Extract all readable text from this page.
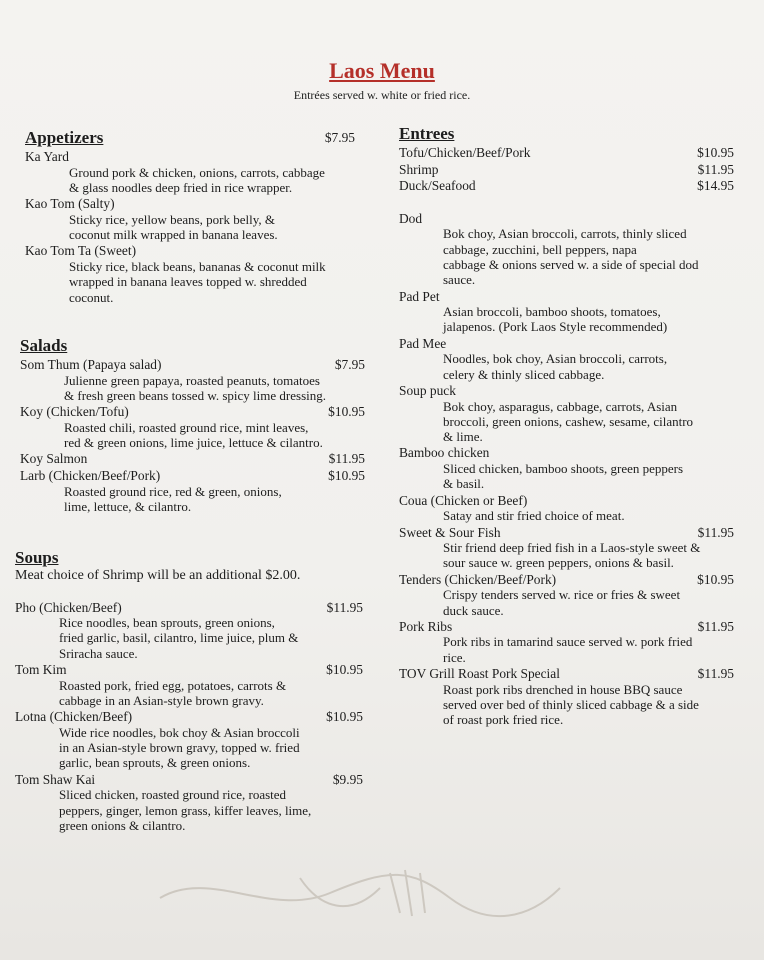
Laos Menu
Entrées served w. white or fried rice.
Appetizers	$7.95
Ka Yard
Ground pork & chicken, onions, carrots, cabbage
& glass noodles deep fried in rice wrapper.
Kao Tom (Salty)
Sticky rice, yellow beans, pork belly, &
coconut milk wrapped in banana leaves.
Kao Tom Ta (Sweet)
Sticky rice, black beans, bananas & coconut milk
wrapped in banana leaves topped w. shredded
coconut.
Salads
Som Thum (Papaya salad)	$7.95
Julienne green papaya, roasted peanuts, tomatoes
& fresh green beans tossed w. spicy lime dressing.
Koy (Chicken/Tofu)	$10.95
Roasted chili, roasted ground rice, mint leaves,
red & green onions, lime juice, lettuce & cilantro.
Koy Salmon	$11.95
Larb (Chicken/Beef/Pork)	$10.95
Roasted ground rice, red & green, onions,
lime, lettuce, & cilantro.
Soups
Meat choice of Shrimp will be an additional $2.00.
Pho (Chicken/Beef)	$11.95
Rice noodles, bean sprouts, green onions,
fried garlic, basil, cilantro, lime juice, plum &
Sriracha sauce.
Tom Kim	$10.95
Roasted pork, fried egg, potatoes, carrots &
cabbage in an Asian-style brown gravy.
Lotna (Chicken/Beef)	$10.95
Wide rice noodles, bok choy & Asian broccoli
in an Asian-style brown gravy, topped w. fried
garlic, bean sprouts, & green onions.
Tom Shaw Kai	$9.95
Sliced chicken, roasted ground rice, roasted
peppers, ginger, lemon grass, kiffer leaves, lime,
green onions & cilantro.
Entrees
Tofu/Chicken/Beef/Pork	$10.95
Shrimp	$11.95
Duck/Seafood	$14.95
Dod
Bok choy, Asian broccoli, carrots, thinly sliced
cabbage, zucchini, bell peppers, napa
cabbage & onions served w. a side of special dod
sauce.
Pad Pet
Asian broccoli, bamboo shoots, tomatoes,
jalapenos. (Pork Laos Style recommended)
Pad Mee
Noodles, bok choy, Asian broccoli, carrots,
celery & thinly sliced cabbage.
Soup puck
Bok choy, asparagus, cabbage, carrots, Asian
broccoli, green onions, cashew, sesame, cilantro
& lime.
Bamboo chicken
Sliced chicken, bamboo shoots, green peppers
& basil.
Coua (Chicken or Beef)
Satay and stir fried choice of meat.
Sweet & Sour Fish	$11.95
Stir friend deep fried fish in a Laos-style sweet &
sour sauce w. green peppers, onions & basil.
Tenders (Chicken/Beef/Pork)	$10.95
Crispy tenders served w. rice or fries & sweet
duck sauce.
Pork Ribs	$11.95
Pork ribs in tamarind sauce served w. pork fried
rice.
TOV Grill Roast Pork Special	$11.95
Roast pork ribs drenched in house BBQ sauce
served over bed of thinly sliced cabbage & a side
of roast pork fried rice.
